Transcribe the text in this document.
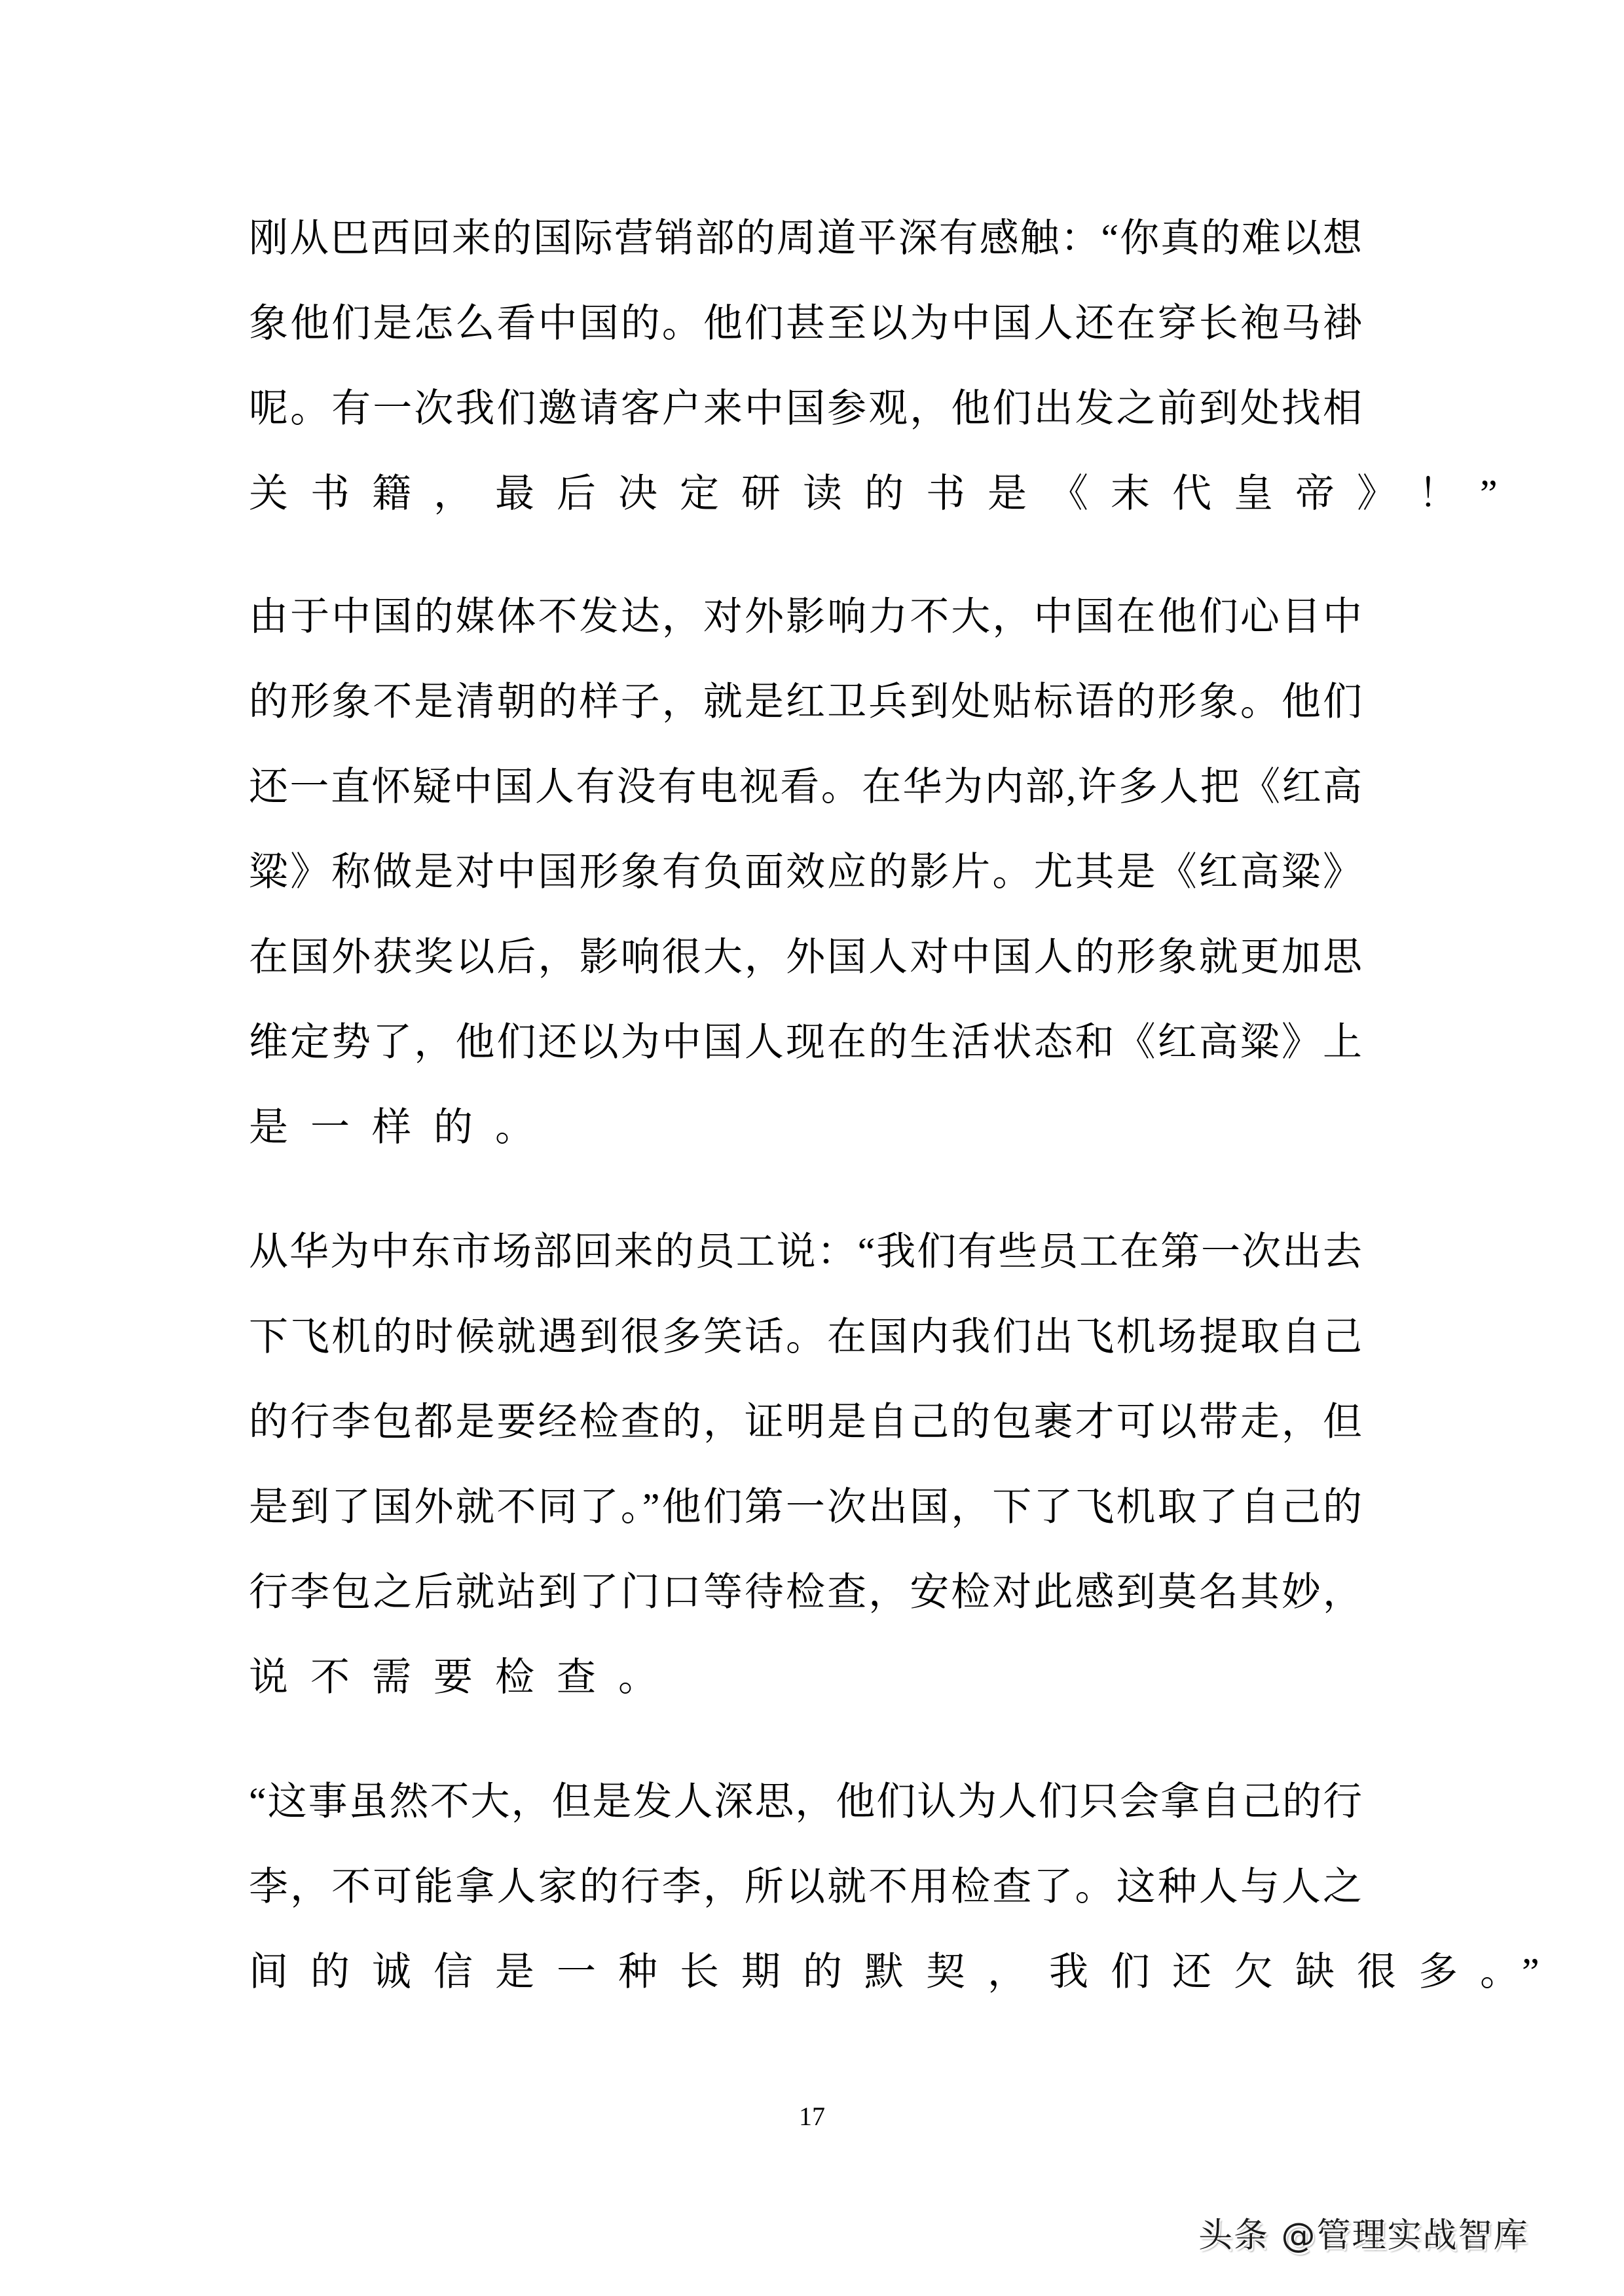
刚从巴西回来的国际营销部的周道平深有感触：“你真的难以想
象他们是怎么看中国的。他们甚至以为中国人还在穿长袍马褂
呢。有一次我们邀请客户来中国参观，他们出发之前到处找相
关书籍，最后决定研读的书是《末代皇帝》！”
由于中国的媒体不发达，对外影响力不大，中国在他们心目中
的形象不是清朝的样子，就是红卫兵到处贴标语的形象。他们
还一直怀疑中国人有没有电视看。在华为内部,许多人把《红高
粱》称做是对中国形象有负面效应的影片。尤其是《红高粱》
在国外获奖以后，影响很大，外国人对中国人的形象就更加思
维定势了，他们还以为中国人现在的生活状态和《红高粱》上
是一样的。
从华为中东市场部回来的员工说：“我们有些员工在第一次出去
下飞机的时候就遇到很多笑话。在国内我们出飞机场提取自己
的行李包都是要经检查的，证明是自己的包裹才可以带走，但
是到了国外就不同了。”他们第一次出国，下了飞机取了自己的
行李包之后就站到了门口等待检查，安检对此感到莫名其妙，
说不需要检查。
“这事虽然不大，但是发人深思，他们认为人们只会拿自己的行
李，不可能拿人家的行李，所以就不用检查了。这种人与人之
间的诚信是一种长期的默契，我们还欠缺很多。”
17
头条 @管理实战智库
